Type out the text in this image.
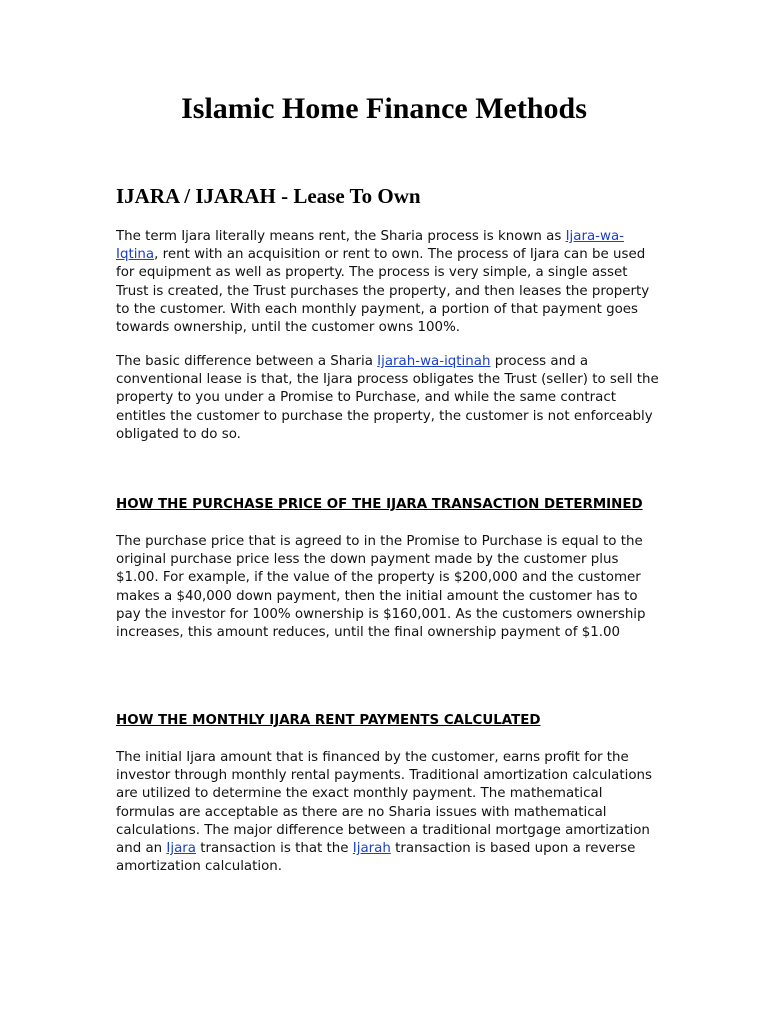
Islamic Home Finance Methods
IJARA / IJARAH - Lease To Own

The term Ijara literally means rent, the Sharia process is known as Ijara-wa-Iqtina, rent with an acquisition or rent to own. The process of Ijara can be used for equipment as well as property. The process is very simple, a single asset Trust is created, the Trust purchases the property, and then leases the property to the customer. With each monthly payment, a portion of that payment goes towards ownership, until the customer owns 100%.

The basic difference between a Sharia Ijarah-wa-iqtinah process and a conventional lease is that, the Ijara process obligates the Trust (seller) to sell the property to you under a Promise to Purchase, and while the same contract entitles the customer to purchase the property, the customer is not enforceably obligated to do so.

HOW THE PURCHASE PRICE OF THE IJARA TRANSACTION DETERMINED

The purchase price that is agreed to in the Promise to Purchase is equal to the original purchase price less the down payment made by the customer plus $1.00. For example, if the value of the property is $200,000 and the customer makes a $40,000 down payment, then the initial amount the customer has to pay the investor for 100% ownership is $160,001. As the customers ownership increases, this amount reduces, until the final ownership payment of $1.00

HOW THE MONTHLY IJARA RENT PAYMENTS CALCULATED

The initial Ijara amount that is financed by the customer, earns profit for the investor through monthly rental payments. Traditional amortization calculations are utilized to determine the exact monthly payment. The mathematical formulas are acceptable as there are no Sharia issues with mathematical calculations. The major difference between a traditional mortgage amortization and an Ijara transaction is that the Ijarah transaction is based upon a reverse amortization calculation.
